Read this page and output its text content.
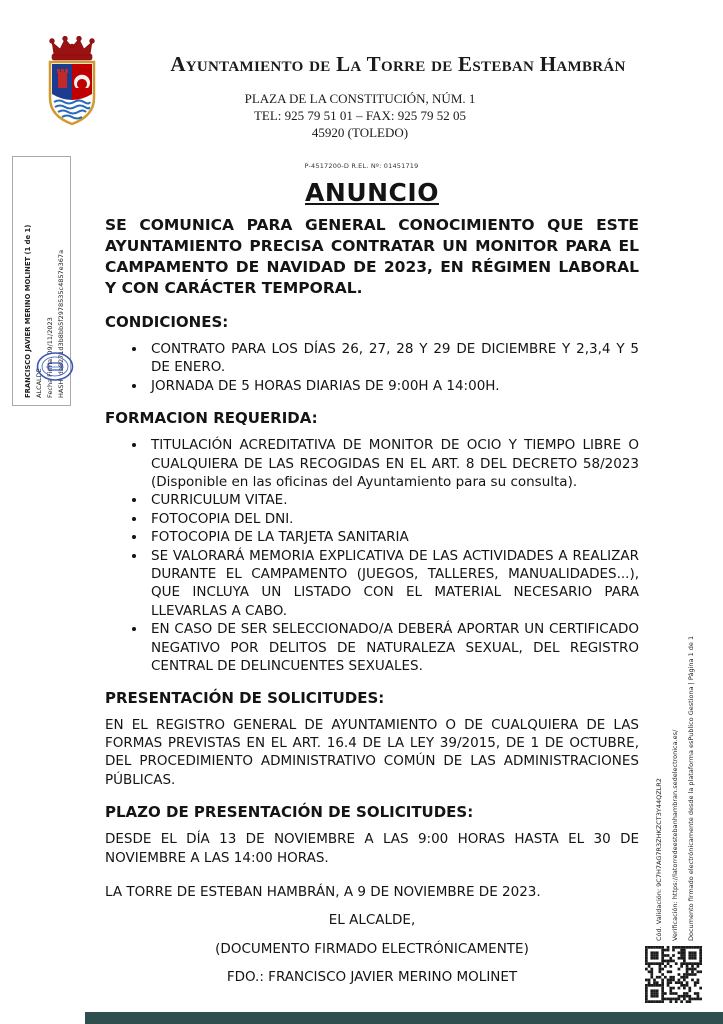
Ayuntamiento de La Torre de Esteban Hambrán
PLAZA DE LA CONSTITUCIÓN, NÚM. 1
TEL: 925 79 51 01 – FAX: 925 79 52 05
45920 (TOLEDO)
P-4517200-D R.EL. Nº: 01451719
ANUNCIO

SE COMUNICA PARA GENERAL CONOCIMIENTO QUE ESTE AYUNTAMIENTO PRECISA CONTRATAR UN MONITOR PARA EL CAMPAMENTO DE NAVIDAD DE 2023, EN RÉGIMEN LABORAL Y CON CARÁCTER TEMPORAL.

CONDICIONES:
• CONTRATO PARA LOS DÍAS 26, 27, 28 Y 29 DE DICIEMBRE Y 2,3,4 Y 5 DE ENERO.
• JORNADA DE 5 HORAS DIARIAS DE 9:00H A 14:00H.
FORMACION REQUERIDA:
• TITULACIÓN ACREDITATIVA DE MONITOR DE OCIO Y TIEMPO LIBRE O CUALQUIERA DE LAS RECOGIDAS EN EL ART. 8 DEL DECRETO 58/2023 (Disponible en las oficinas del Ayuntamiento para su consulta).
• CURRICULUM VITAE.
• FOTOCOPIA DEL DNI.
• FOTOCOPIA DE LA TARJETA SANITARIA
• SE VALORARÁ MEMORIA EXPLICATIVA DE LAS ACTIVIDADES A REALIZAR DURANTE EL CAMPAMENTO (JUEGOS, TALLERES, MANUALIDADES...), QUE INCLUYA UN LISTADO CON EL MATERIAL NECESARIO PARA LLEVARLAS A CABO.
• EN CASO DE SER SELECCIONADO/A DEBERÁ APORTAR UN CERTIFICADO NEGATIVO POR DELITOS DE NATURALEZA SEXUAL, DEL REGISTRO CENTRAL DE DELINCUENTES SEXUALES.
PRESENTACIÓN DE SOLICITUDES:

EN EL REGISTRO GENERAL DE AYUNTAMIENTO O DE CUALQUIERA DE LAS FORMAS PREVISTAS EN EL ART. 16.4 DE LA LEY 39/2015, DE 1 DE OCTUBRE, DEL PROCEDIMIENTO ADMINISTRATIVO COMÚN DE LAS ADMINISTRACIONES PÚBLICAS.

PLAZO DE PRESENTACIÓN DE SOLICITUDES:

DESDE EL DÍA 13 DE NOVIEMBRE A LAS 9:00 HORAS HASTA EL 30 DE NOVIEMBRE A LAS 14:00 HORAS.

LA TORRE DE ESTEBAN HAMBRÁN, A 9 DE NOVIEMBRE DE 2023.

EL ALCALDE,

(DOCUMENTO FIRMADO ELECTRÓNICAMENTE)

FDO.: FRANCISCO JAVIER MERINO MOLINET

FRANCISCO JAVIER MERINO MOLINET (1 de 1) ALCALDE Fecha Firma: 09/11/2023 HASH: db8271d3b8bb5f2978535c4857e367a
Cód. Validación: 9C7H7AG7R3ZHKZCT3Y44QZLR2	Verificación: https://latorredeestebanhambran.sedelectronica.es/	Documento firmado electrónicamente desde la plataforma esPublico Gestiona | Página 1 de 1
